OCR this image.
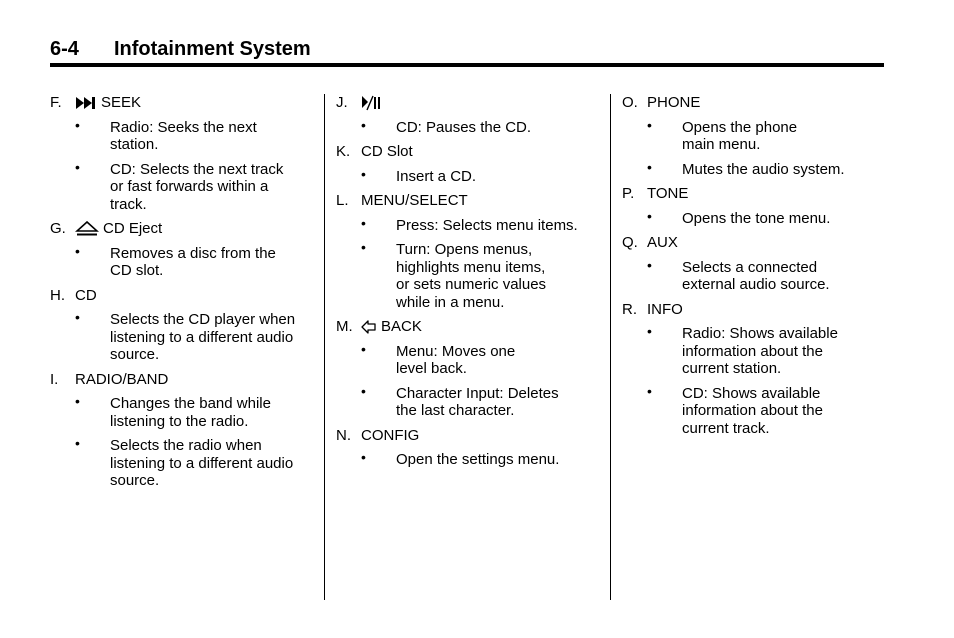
6-4 Infotainment System
F.	SEEK
• Radio: Seeks the next
station.
• CD: Selects the next track
or fast forwards within a
track.
G.	CD Eject
• Removes a disc from the
CD slot.
H. CD
• Selects the CD player when
listening to a different audio
source.
I.	RADIO/BAND
• Changes the band while
listening to the radio.
• Selects the radio when
listening to a different audio
source.
J.
• CD: Pauses the CD.
K. CD Slot
• Insert a CD.
L. MENU/SELECT
• Press: Selects menu items.
• Turn: Opens menus,
highlights menu items,
or sets numeric values
while in a menu.
M.	BACK
• Menu: Moves one
level back.
• Character Input: Deletes
the last character.
N. CONFIG
• Open the settings menu.
O. PHONE
• Opens the phone
main menu.
• Mutes the audio system.
P. TONE
• Opens the tone menu.
Q. AUX
• Selects a connected
external audio source.
R. INFO
• Radio: Shows available
information about the
current station.
• CD: Shows available
information about the
current track.
